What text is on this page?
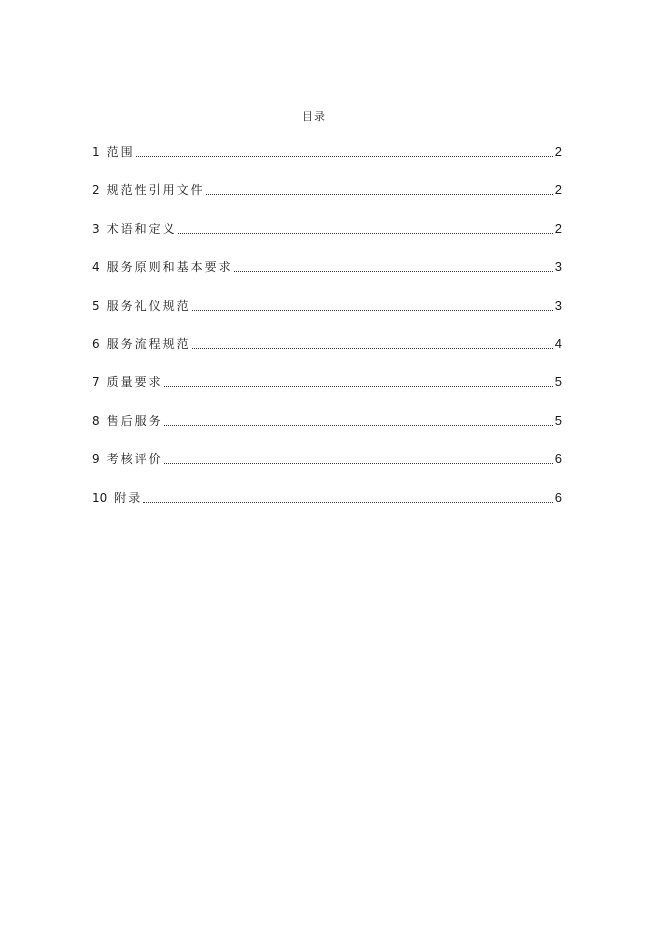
目录
1 范围	2
2 规范性引用文件	2
3 术语和定义	2
4 服务原则和基本要求	3
5 服务礼仪规范	3
6 服务流程规范	4
7 质量要求	5
8 售后服务	5
9 考核评价	6
10 附录	6
